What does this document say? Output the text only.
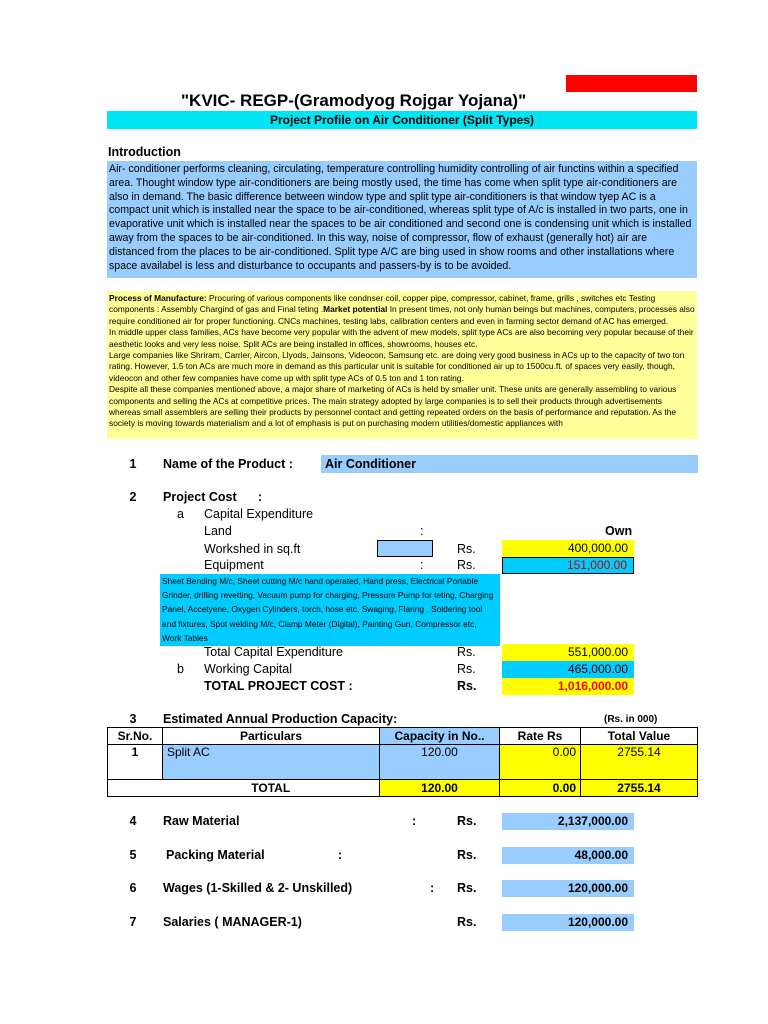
"KVIC- REGP-(Gramodyog Rojgar Yojana)"
Project Profile on Air Conditioner (Split Types)
Introduction
Air- conditioner performs cleaning, circulating, temperature controlling humidity controlling of air functins within a specified area. Thought window type air-conditioners are being mostly used, the time has come when split type air-conditioners are also in demand. The basic difference between window type and split type air-conditioners is that window tyep AC is a compact unit which is installed near the space to be air-conditioned, whereas split type of A/c is installed in two parts, one in evaporative unit which is installed near the spaces to be air conditioned and second one is condensing unit which is installed away from the spaces to be air-conditioned. In this way, noise of compressor, flow of exhaust (generally hot) air are distanced from the places to be air-conditioned. Split type A/C are bing used in show rooms and other installations where space availabel is less and disturbance to occupants and passers-by is to be avoided.
Process of Manufacture: Procuring of various components like condnser coil, copper pipe, compressor, cabinet, frame, grills , switches etc Testing components : Assembly Chargind of gas and Final teting .Market potential In present times, not only human beings but machines, computers, processes also require conditioned air for proper functioning. CNCs machines, testing labs, calibration centers and even in farming sector demand of AC has emerged.
In middle upper class families, ACs have become very popular with the advent of mew models, split type ACs are also becoming very popular because of their aesthetic looks and very less noise. Split ACs are being installed in offices, showrooms, houses etc.
Large companies like Shriram, Carrier, Aircon, Llyods, Jainsons, Videocon, Samsung etc. are doing very good business in ACs up to the capacity of two ton rating. However, 1.5 ton ACs are much more in demand as this particular unit is suitable for conditioned air up to 1500cu.ft. of spaces very easily, though, videocon and other few companies have come up with split type ACs of 0.5 ton and 1 ton rating.
Despite all these companies mentioned above, a major share of marketing of ACs is held by smaller unit. These units are generally assembling to various components and selling the ACs at competitive prices. The main strategy adopted by large companies is to sell their products through advertisements whereas small assemblers are selling their products by personnel contact and getting repeated orders on the basis of performance and reputation. As the society is moving towards materialism and a lot of emphasis is put on purchasing modern utilities/domestic appliances with
1	Name of the Product :	Air Conditioner
2	Project Cost :
a Capital Expenditure
Land	:	Own
Workshed in sq.ft	Rs.	400,000.00
Equipment	:	Rs.	151,000.00
Sheet Bending M/c, Sheet cutting M/c hand operated, Hand press, Electrical Portable Grinder, drilling revetting, Vacuum pump for charging, Pressure Pump for teting, Charging Panel, Accetyene, Oxygen Cylinders, torch, hose etc, Swaging, Flaring , Soldering tool and fixtures, Spot welding M/c, Clamp Meter (Digital), Painting Gun, Compressor etc, Work Tables
Total Capital Expenditure	Rs.	551,000.00
b Working Capital	Rs.	465,000.00
TOTAL PROJECT COST :	Rs.	1,016,000.00
3	Estimated Annual Production Capacity:	(Rs. in 000)
Sr.No.	Particulars	Capacity in No..	Rate Rs	Total Value
1	Split AC	120.00	0.00	2755.14
	TOTAL	120.00	0.00	2755.14
4	Raw Material	:	Rs.	2,137,000.00
5	Packing Material	:	Rs.	48,000.00
6	Wages (1-Skilled & 2- Unskilled)	: Rs.	120,000.00
7	Salaries ( MANAGER-1)	Rs.	120,000.00
